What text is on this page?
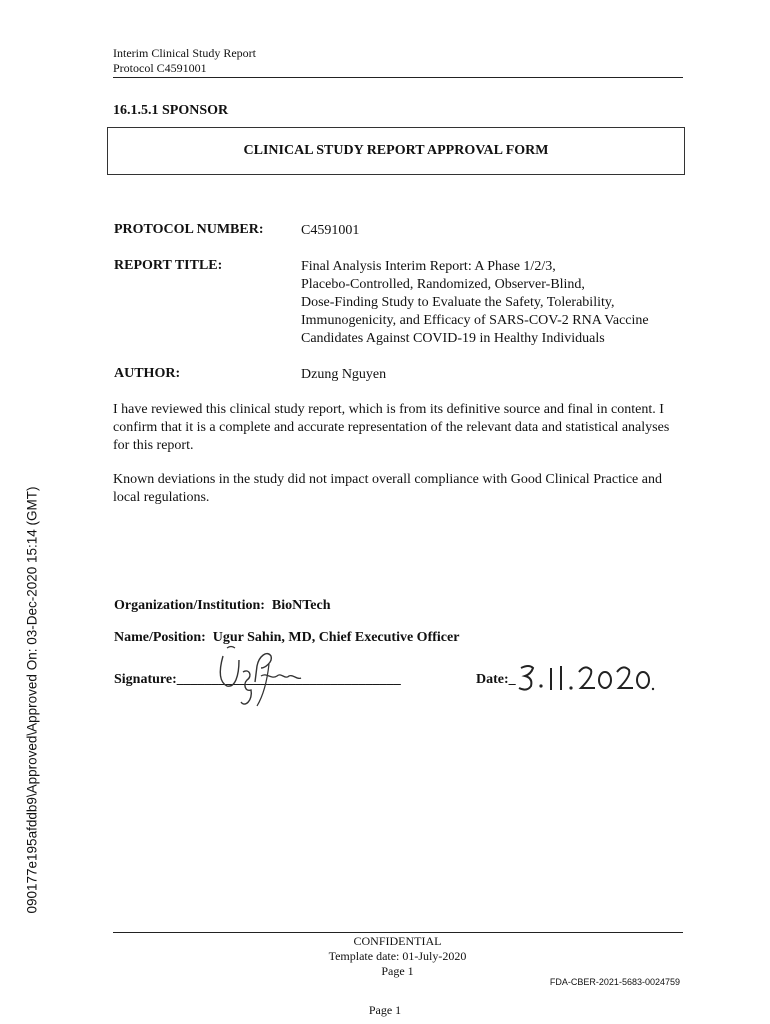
Interim Clinical Study Report
Protocol C4591001
16.1.5.1 SPONSOR
CLINICAL STUDY REPORT APPROVAL FORM
PROTOCOL NUMBER:	C4591001
REPORT TITLE:	Final Analysis Interim Report: A Phase 1/2/3,
Placebo-Controlled, Randomized, Observer-Blind,
Dose-Finding Study to Evaluate the Safety, Tolerability,
Immunogenicity, and Efficacy of SARS-COV-2 RNA Vaccine
Candidates Against COVID-19 in Healthy Individuals
AUTHOR:	Dzung Nguyen
I have reviewed this clinical study report, which is from its definitive source and final in content. I confirm that it is a complete and accurate representation of the relevant data and statistical analyses for this report.
Known deviations in the study did not impact overall compliance with Good Clinical Practice and local regulations.
Organization/Institution: BioNTech
Name/Position: Ugur Sahin, MD, Chief Executive Officer
Signature:________________________________	Date:_
CONFIDENTIAL
Template date: 01-July-2020
Page 1
FDA-CBER-2021-5683-0024759
Page 1
090177e195afddb9\Approved\Approved On: 03-Dec-2020 15:14 (GMT)
